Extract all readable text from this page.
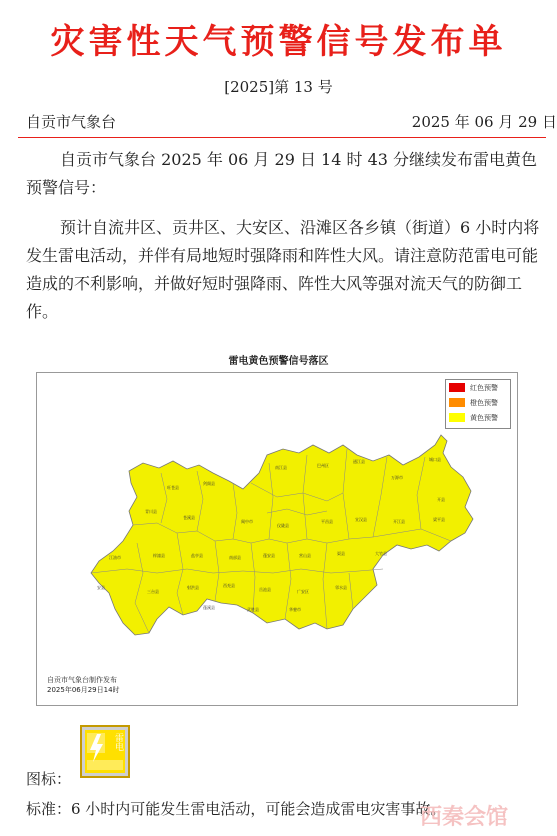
灾害性天气预警信号发布单
[2025]第 13 号
自贡市气象台	2025 年 06 月 29 日

自贡市气象台 2025 年 06 月 29 日 14 时 43 分继续发布雷电黄色预警信号：

预计自流井区、贡井区、大安区、沿滩区各乡镇（街道）6 小时内将发生雷电活动，并伴有局地短时强降雨和阵性大风。请注意防范雷电可能造成的不利影响，并做好短时强降雨、阵性大风等强对流天气的防御工作。

雷电黄色预警信号落区
旺苍县
剑阁县
南江县	巴州区
通江县
万源市
城口县
开县
青川县
苍溪县
阆中市
仪陇县
平昌县	宣汉县	开江县	梁平县
江油市	梓潼县	盐亭县	南部县	蓬安县	营山县	渠县	大竹县
安县
三台县
射洪县	西充县
岳池县	广安区
邻水县
蓬溪县	武胜县	华蓥市
红色预警
橙色预警
黄色预警
自贡市气象台制作发布
2025年06月29日14时
图标：
雷电
标准：6 小时内可能发生雷电活动，可能会造成雷电灾害事故。
西秦会馆
